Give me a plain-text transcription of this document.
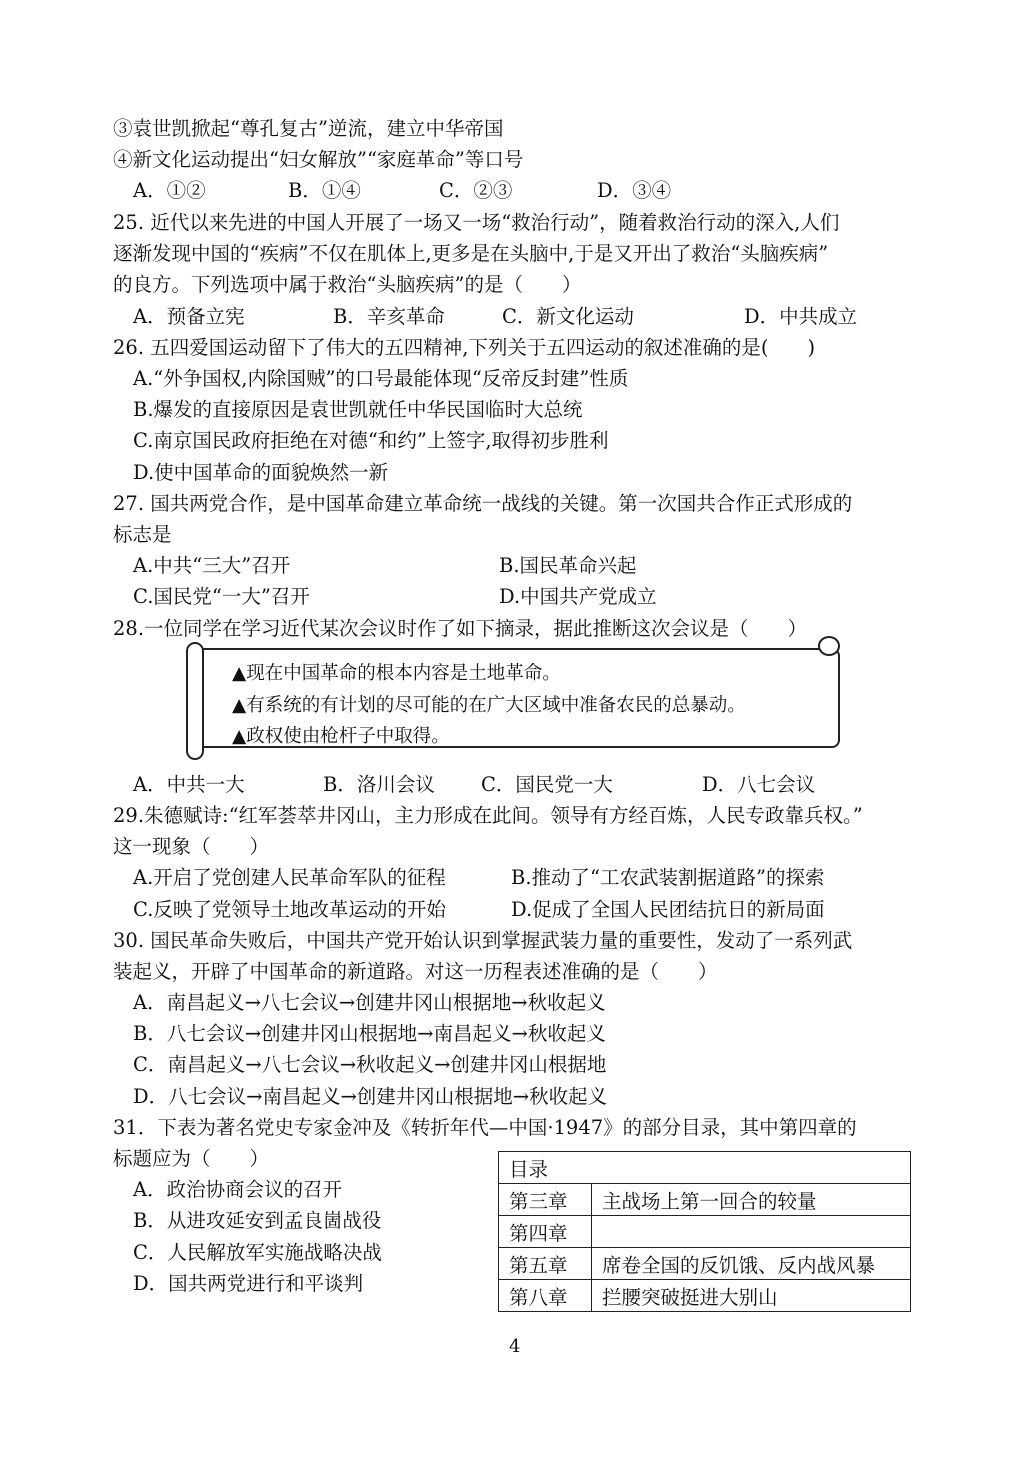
③袁世凯掀起“尊孔复古”逆流，建立中华帝国
④新文化运动提出“妇女解放”“家庭革命”等口号
A．①②	B．①④	C．②③	D．③④
25. 近代以来先进的中国人开展了一场又一场“救治行动”，随着救治行动的深入,人们
逐渐发现中国的“疾病”不仅在肌体上,更多是在头脑中,于是又开出了救治“头脑疾病”
的良方。下列选项中属于救治“头脑疾病”的是（　　）
A．预备立宪	B．辛亥革命	C．新文化运动	D．中共成立
26. 五四爱国运动留下了伟大的五四精神,下列关于五四运动的叙述准确的是(　　)
A.“外争国权,内除国贼”的口号最能体现“反帝反封建”性质
B.爆发的直接原因是袁世凯就任中华民国临时大总统
C.南京国民政府拒绝在对德“和约”上签字,取得初步胜利
D.使中国革命的面貌焕然一新
27. 国共两党合作，是中国革命建立革命统一战线的关键。第一次国共合作正式形成的
标志是
A.中共“三大”召开	B.国民革命兴起
C.国民党“一大”召开	D.中国共产党成立
28.一位同学在学习近代某次会议时作了如下摘录，据此推断这次会议是（　　）
▲现在中国革命的根本内容是土地革命。
▲有系统的有计划的尽可能的在广大区域中准备农民的总暴动。
▲政权使由枪杆子中取得。
A．中共一大	B．洛川会议 C．国民党一大	D．八七会议
29.朱德赋诗:“红军荟萃井冈山，主力形成在此间。领导有方经百炼，人民专政靠兵权。”
这一现象（　　）
A.开启了党创建人民革命军队的征程	B.推动了“工农武装割据道路”的探索
C.反映了党领导土地改革运动的开始	D.促成了全国人民团结抗日的新局面
30. 国民革命失败后，中国共产党开始认识到掌握武装力量的重要性，发动了一系列武
装起义，开辟了中国革命的新道路。对这一历程表述准确的是（　　）
A．南昌起义→八七会议→创建井冈山根据地→秋收起义
B．八七会议→创建井冈山根据地→南昌起义→秋收起义
C．南昌起义→八七会议→秋收起义→创建井冈山根据地
D．八七会议→南昌起义→创建井冈山根据地→秋收起义
31．下表为著名党史专家金冲及《转折年代—中国·1947》的部分目录，其中第四章的
标题应为（　　）
A．政治协商会议的召开
B．从进攻延安到孟良崮战役
C．人民解放军实施战略决战
D．国共两党进行和平谈判
目录	
第三章	主战场上第一回合的较量
第四章	
第五章	席卷全国的反饥饿、反内战风暴
第八章	拦腰突破挺进大别山
4
